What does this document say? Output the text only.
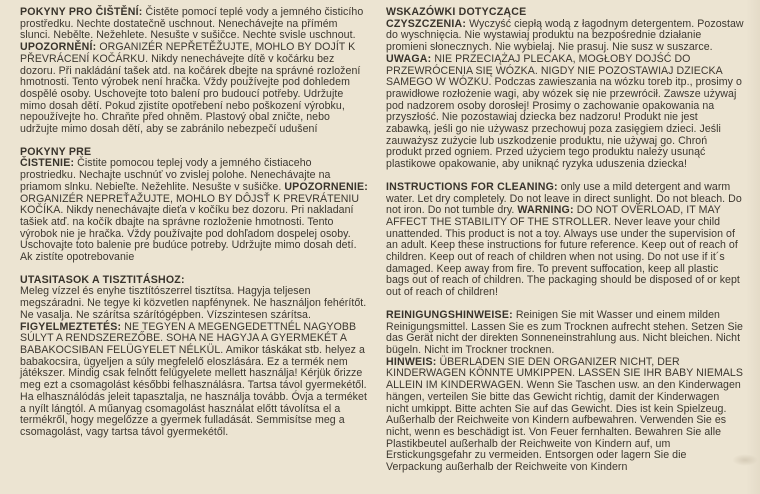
POKYNY PRO ČIŠTĚNÍ: Čistěte pomocí teplé vody a jemného čisticího prostředku. Nechte dostatečně uschnout. Nenechávejte na přímém slunci. Nebělte. Nežehlete. Nesušte v sušičce. Nechte svisle uschnout. UPOZORNĚNÍ: ORGANIZÉR NEPŘETĚŽUJTE, MOHLO BY DOJÍT K PŘEVRÁCENÍ KOČÁRKU. Nikdy nenechávejte dítě v kočárku bez dozoru. Při nakládání tašek atd. na kočárek dbejte na správné rozložení hmotnosti. Tento výrobek není hračka. Vždy používejte pod dohledem dospělé osoby. Uschovejte toto balení pro budoucí potřeby. Udržujte mimo dosah dětí. Pokud zjistíte opotřebení nebo poškození výrobku, nepoužívejte ho. Chraňte před ohněm. Plastový obal zničte, nebo udržujte mimo dosah dětí, aby se zabránilo nebezpečí udušení

POKYNY PRE
ČISTENIE: Čistite pomocou teplej vody a jemného čistiaceho prostriedku. Nechajte uschnúť vo zvislej polohe. Nenechávajte na priamom slnku. Nebieľte. Nežehlite. Nesušte v sušičke. UPOZORNENIE: ORGANIZÉR NEPREŤAŽUJTE, MOHLO BY DÔJSŤ K PREVRÁTENIU KOČÍKA. Nikdy nenechávajte dieťa v kočíku bez dozoru. Pri nakladaní tašiek atď. na kočík dbajte na správne rozloženie hmotnosti. Tento výrobok nie je hračka. Vždy používajte pod dohľadom dospelej osoby. Uschovajte toto balenie pre budúce potreby. Udržujte mimo dosah detí. Ak zistíte opotrebovanie

UTASITASOK A TISZTITÁSHOZ:
Meleg vízzel és enyhe tisztítószerrel tisztítsa. Hagyja teljesen megszáradni. Ne tegye ki közvetlen napfénynek. Ne használjon fehérítőt. Ne vasalja. Ne szárítsa szárítógépben. Vízszintesen szárítsa. FIGYELMEZTETÉS: NE TEGYEN A MEGENGEDETTNÉL NAGYOBB SÚLYT A RENDSZEREZŐBE. SOHA NE HAGYJA A GYERMEKÉT A BABAKOCSIBAN FELÜGYELET NÉLKÜL. Amikor táskákat stb. helyez a babakocsira, ügyeljen a súly megfelelő eloszlására. Ez a termék nem játékszer. Mindig csak felnőtt felügyelete mellett használja! Kérjük őrizze meg ezt a csomagolást későbbi felhasználásra. Tartsa távol gyermekétől. Ha elhasználódás jeleit tapasztalja, ne használja tovább. Óvja a terméket a nyílt lángtól. A műanyag csomagolást használat előtt távolítsa el a termékről, hogy megelőzze a gyermek fulladását. Semmisítse meg a csomagolást, vagy tartsa távol gyermekétől.

WSKAZÓWKI DOTYCZĄCE
CZYSZCZENIA: Wyczyść ciepłą wodą z łagodnym detergentem. Pozostaw do wyschnięcia. Nie wystawiaj produktu na bezpośrednie działanie promieni słonecznych. Nie wybielaj. Nie prasuj. Nie susz w suszarce. UWAGA: NIE PRZECIĄŻAJ PLECAKA, MOGŁOBY DOJŚĆ DO PRZEWRÓCENIA SIĘ WÓZKA. NIGDY NIE POZOSTAWIAJ DZIECKA SAMEGO W WÓZKU. Podczas zawieszania na wózku toreb itp., prosimy o prawidłowe rozłożenie wagi, aby wózek się nie przewrócił. Zawsze używaj pod nadzorem osoby dorosłej! Prosimy o zachowanie opakowania na przyszłość. Nie pozostawiaj dziecka bez nadzoru! Produkt nie jest zabawką, jeśli go nie używasz przechowuj poza zasięgiem dzieci. Jeśli zauważysz zużycie lub uszkodzenie produktu, nie używaj go. Chroń produkt przed ogniem. Przed użyciem tego produktu należy usunąć plastikowe opakowanie, aby uniknąć ryzyka uduszenia dziecka!

INSTRUCTIONS FOR CLEANING: only use a mild detergent and warm water. Let dry completely. Do not leave in direct sunlight. Do not bleach. Do not iron. Do not tumble dry. WARNING: DO NOT OVERLOAD, IT MAY AFFECT THE STABILITY OF THE STROLLER. Never leave your child unattended. This product is not a toy. Always use under the supervision of an adult. Keep these instructions for future reference. Keep out of reach of children. Keep out of reach of children when not using. Do not use if it´s damaged. Keep away from fire. To prevent suffocation, keep all plastic bags out of reach of children. The packaging should be disposed of or kept out of reach of children!

REINIGUNGSHINWEISE: Reinigen Sie mit Wasser und einem milden Reinigungsmittel. Lassen Sie es zum Trocknen aufrecht stehen. Setzen Sie das Gerät nicht der direkten Sonneneinstrahlung aus. Nicht bleichen. Nicht bügeln. Nicht im Trockner trocknen.
HINWEIS: ÜBERLADEN SIE DEN ORGANIZER NICHT, DER KINDERWAGEN KÖNNTE UMKIPPEN. LASSEN SIE IHR BABY NIEMALS ALLEIN IM KINDERWAGEN. Wenn Sie Taschen usw. an den Kinderwagen hängen, verteilen Sie bitte das Gewicht richtig, damit der Kinderwagen nicht umkippt. Bitte achten Sie auf das Gewicht. Dies ist kein Spielzeug. Außerhalb der Reichweite von Kindern aufbewahren. Verwenden Sie es nicht, wenn es beschädigt ist. Von Feuer fernhalten. Bewahren Sie alle Plastikbeutel außerhalb der Reichweite von Kindern auf, um Erstickungsgefahr zu vermeiden. Entsorgen oder lagern Sie die Verpackung außerhalb der Reichweite von Kindern
